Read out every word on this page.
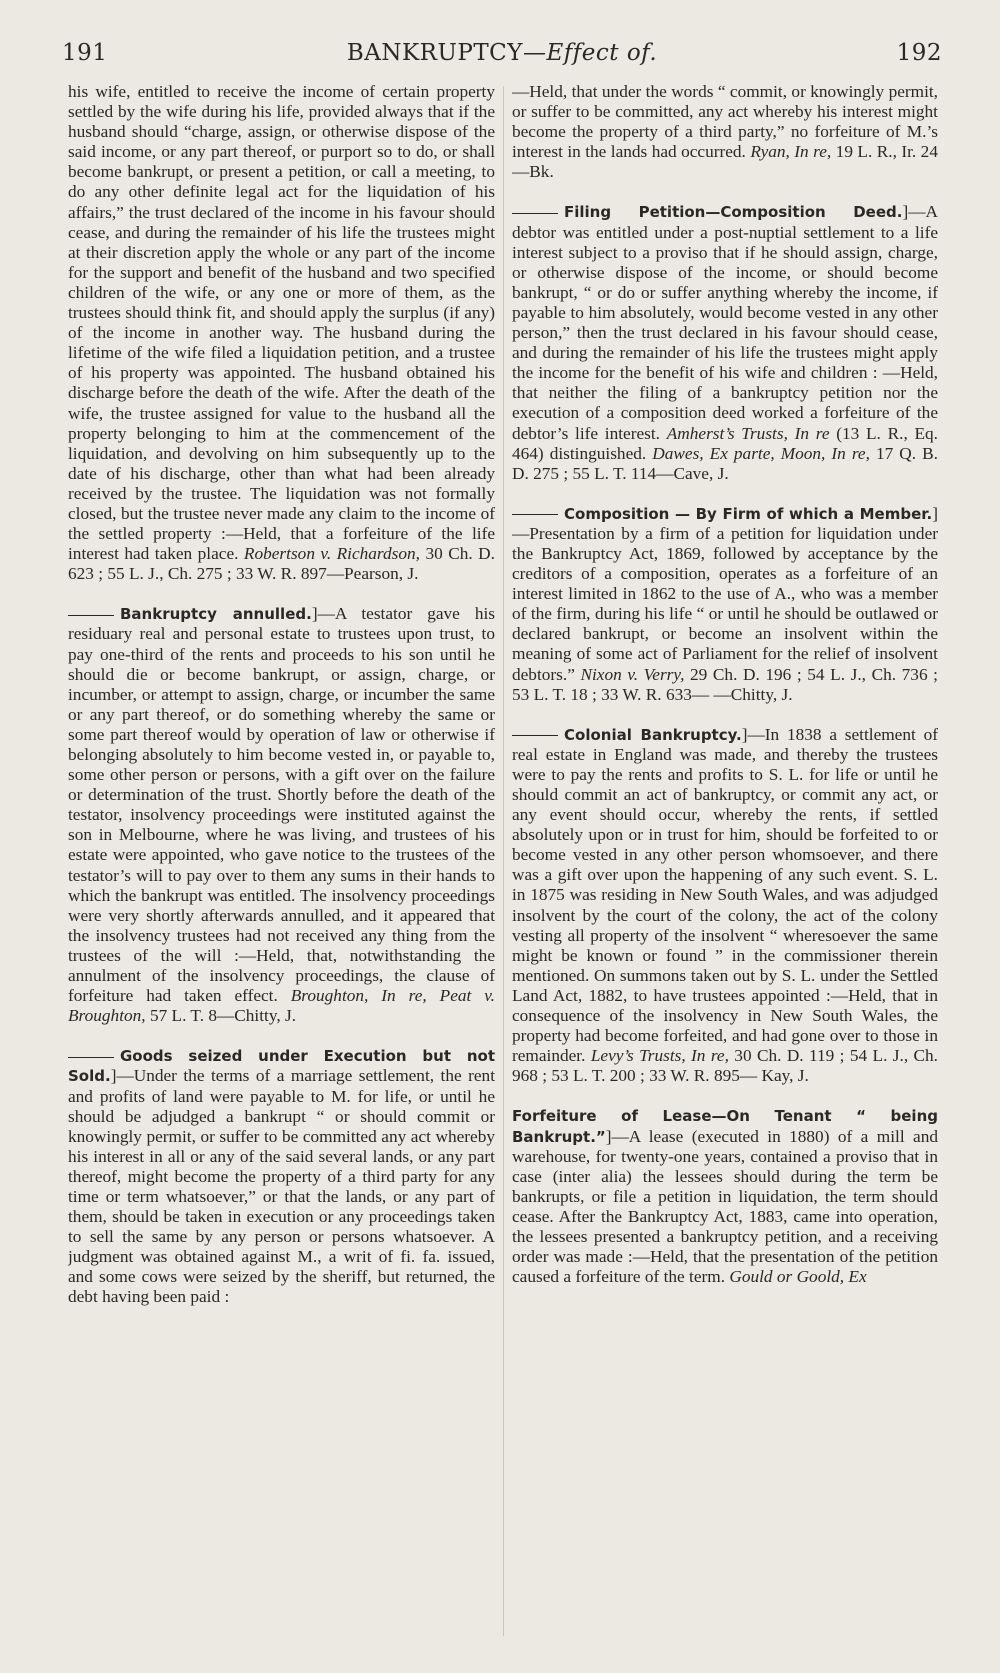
191	BANKRUPTCY—Effect of.	192

his wife, entitled to receive the income of certain property settled by the wife during his life, provided always that if the husband should “charge, assign, or otherwise dispose of the said income, or any part thereof, or purport so to do, or shall become bankrupt, or present a petition, or call a meeting, to do any other definite legal act for the liquidation of his affairs,” the trust declared of the income in his favour should cease, and during the remainder of his life the trustees might at their discretion apply the whole or any part of the income for the support and benefit of the husband and two specified children of the wife, or any one or more of them, as the trustees should think fit, and should apply the surplus (if any) of the income in another way. The husband during the lifetime of the wife filed a liquidation petition, and a trustee of his property was appointed. The husband obtained his discharge before the death of the wife. After the death of the wife, the trustee assigned for value to the husband all the property belonging to him at the commencement of the liquidation, and devolving on him subsequently up to the date of his discharge, other than what had been already received by the trustee. The liquidation was not formally closed, but the trustee never made any claim to the income of the settled property :—Held, that a forfeiture of the life interest had taken place. Robertson v. Richardson, 30 Ch. D. 623 ; 55 L. J., Ch. 275 ; 33 W. R. 897—Pearson, J.

Bankruptcy annulled.]—A testator gave his residuary real and personal estate to trustees upon trust, to pay one-third of the rents and proceeds to his son until he should die or become bankrupt, or assign, charge, or incumber, or attempt to assign, charge, or incumber the same or any part thereof, or do something whereby the same or some part thereof would by operation of law or otherwise if belonging absolutely to him become vested in, or payable to, some other person or persons, with a gift over on the failure or determination of the trust. Shortly before the death of the testator, insolvency proceedings were instituted against the son in Melbourne, where he was living, and trustees of his estate were appointed, who gave notice to the trustees of the testator’s will to pay over to them any sums in their hands to which the bankrupt was entitled. The insolvency proceedings were very shortly afterwards annulled, and it appeared that the insolvency trustees had not received any thing from the trustees of the will :—Held, that, notwithstanding the annulment of the insolvency proceedings, the clause of forfeiture had taken effect. Broughton, In re, Peat v. Broughton, 57 L. T. 8—Chitty, J.

Goods seized under Execution but not Sold.]—Under the terms of a marriage settlement, the rent and profits of land were payable to M. for life, or until he should be adjudged a bankrupt “ or should commit or knowingly permit, or suffer to be committed any act whereby his interest in all or any of the said several lands, or any part thereof, might become the property of a third party for any time or term whatsoever,” or that the lands, or any part of them, should be taken in execution or any proceedings taken to sell the same by any person or persons whatsoever. A judgment was obtained against M., a writ of fi. fa. issued, and some cows were seized by the sheriff, but returned, the debt having been paid :

—Held, that under the words “ commit, or knowingly permit, or suffer to be committed, any act whereby his interest might become the property of a third party,” no forfeiture of M.’s interest in the lands had occurred. Ryan, In re, 19 L. R., Ir. 24—Bk.

Filing Petition—Composition Deed.]—A debtor was entitled under a post-nuptial settlement to a life interest subject to a proviso that if he should assign, charge, or otherwise dispose of the income, or should become bankrupt, “ or do or suffer anything whereby the income, if payable to him absolutely, would become vested in any other person,” then the trust declared in his favour should cease, and during the remainder of his life the trustees might apply the income for the benefit of his wife and children : —Held, that neither the filing of a bankruptcy petition nor the execution of a composition deed worked a forfeiture of the debtor’s life interest. Amherst’s Trusts, In re (13 L. R., Eq. 464) distinguished. Dawes, Ex parte, Moon, In re, 17 Q. B. D. 275 ; 55 L. T. 114—Cave, J.

Composition — By Firm of which a Member.]—Presentation by a firm of a petition for liquidation under the Bankruptcy Act, 1869, followed by acceptance by the creditors of a composition, operates as a forfeiture of an interest limited in 1862 to the use of A., who was a member of the firm, during his life “ or until he should be outlawed or declared bankrupt, or become an insolvent within the meaning of some act of Parliament for the relief of insolvent debtors.” Nixon v. Verry, 29 Ch. D. 196 ; 54 L. J., Ch. 736 ; 53 L. T. 18 ; 33 W. R. 633— —Chitty, J.

Colonial Bankruptcy.]—In 1838 a settlement of real estate in England was made, and thereby the trustees were to pay the rents and profits to S. L. for life or until he should commit an act of bankruptcy, or commit any act, or any event should occur, whereby the rents, if settled absolutely upon or in trust for him, should be forfeited to or become vested in any other person whomsoever, and there was a gift over upon the happening of any such event. S. L. in 1875 was residing in New South Wales, and was adjudged insolvent by the court of the colony, the act of the colony vesting all property of the insolvent “ wheresoever the same might be known or found ” in the commissioner therein mentioned. On summons taken out by S. L. under the Settled Land Act, 1882, to have trustees appointed :—Held, that in consequence of the insolvency in New South Wales, the property had become forfeited, and had gone over to those in remainder. Levy’s Trusts, In re, 30 Ch. D. 119 ; 54 L. J., Ch. 968 ; 53 L. T. 200 ; 33 W. R. 895— Kay, J.

Forfeiture of Lease—On Tenant “ being Bankrupt.”]—A lease (executed in 1880) of a mill and warehouse, for twenty-one years, contained a proviso that in case (inter alia) the lessees should during the term be bankrupts, or file a petition in liquidation, the term should cease. After the Bankruptcy Act, 1883, came into operation, the lessees presented a bankruptcy petition, and a receiving order was made :—Held, that the presentation of the petition caused a forfeiture of the term. Gould or Goold, Ex
